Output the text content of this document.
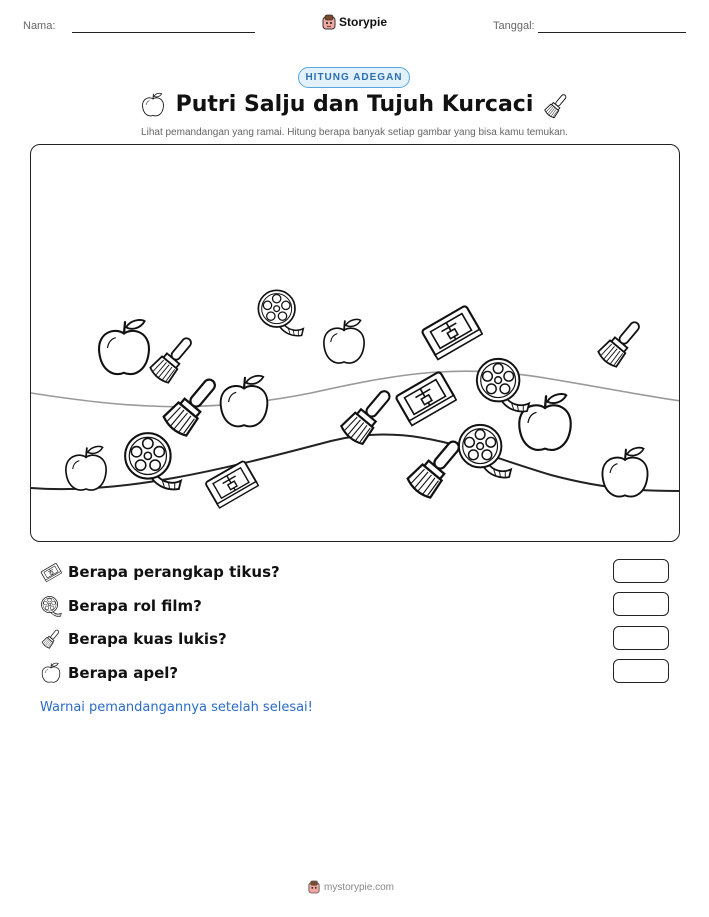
Nama:	Storypie	Tanggal:
HITUNG ADEGAN
Putri Salju dan Tujuh Kurcaci
Lihat pemandangan yang ramai. Hitung berapa banyak setiap gambar yang bisa kamu temukan.
Berapa perangkap tikus?
Berapa rol film?
Berapa kuas lukis?
Berapa apel?
Warnai pemandangannya setelah selesai!
mystorypie.com
